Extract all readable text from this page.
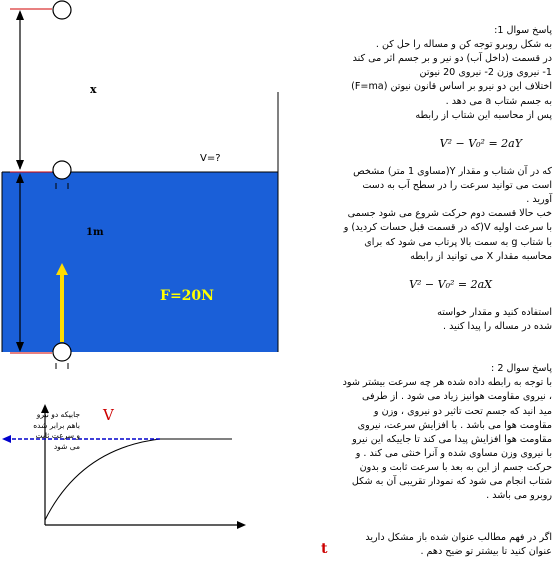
x
V=?
1m
F=20N
V
t
جابیکه دو نیرو
باهم برابر شده
و سرعت ثابت
می شود

پاسخ سوال 1:
به شکل روبرو توجه کن و مساله را حل کن .
در قسمت (داخل آب) دو نیر و بر جسم اثر می کند
1- نیروی وزن 2- نیروی 20 نیوتن
اختلاف این دو نیرو بر اساس قانون نیوتن (F=ma)
به جسم شتاب a می دهد .
پس از محاسبه این شتاب از رابطه

V² − V₀² = 2aY

که در آن شتاب و مقدار Y(مساوی 1 متر) مشخص
است می توانید سرعت را در سطح آب به دست
آورید .
خب حالا قسمت دوم حرکت شروع می شود جسمی
با سرعت اولیه V(که در قسمت قبل حسات کردید) و
با شتاب g به سمت بالا پرتاب می شود که برای
محاسبه مقدار X می توانید از رابطه

V² − V₀² = 2aX

استفاده کنید و مقدار خواسته
شده در مساله را پیدا کنید .

پاسخ سوال 2 :
با توجه به رابطه داده شده هر چه سرعت بیشتر شود
، نیروی مقاومت هوانیز زیاد می شود . از طرفی
مید انید که جسم تحت تاثیر دو نیروی ، وزن و
مقاومت هوا می باشد . با افزایش سرعت، نیروی
مقاومت هوا افزایش پیدا می کند تا جاییکه این نیرو
با نیروی وزن مساوی شده و آنرا خنثی می کند . و
حرکت جسم از این به بعد با سرعت ثابت و بدون
شتاب انجام می شود که نمودار تقریبی آن به شکل
روبرو می باشد .

اگر در فهم مطالب عنوان شده باز مشکل دارید
عنوان کنید تا بیشتر تو ضیح دهم .
